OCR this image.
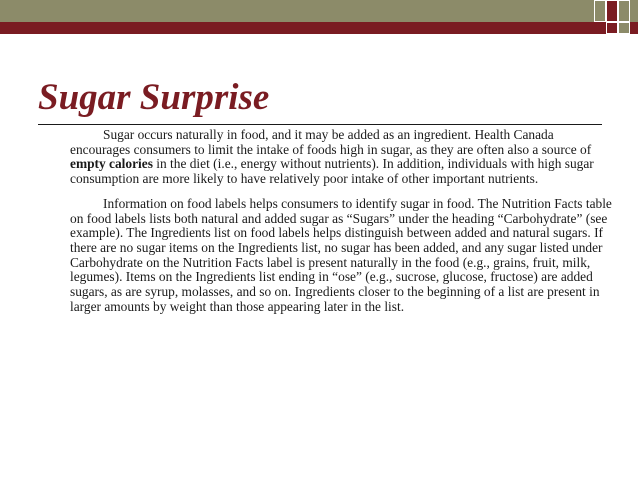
Sugar Surprise

Sugar occurs naturally in food, and it may be added as an ingredient. Health Canada encourages consumers to limit the intake of foods high in sugar, as they are often also a source of empty calories in the diet (i.e., energy without nutrients). In addition, individuals with high sugar consumption are more likely to have relatively poor intake of other important nutrients.

Information on food labels helps consumers to identify sugar in food. The Nutrition Facts table on food labels lists both natural and added sugar as “Sugars” under the heading “Carbohydrate” (see example). The Ingredients list on food labels helps distinguish between added and natural sugars. If there are no sugar items on the Ingredients list, no sugar has been added, and any sugar listed under Carbohydrate on the Nutrition Facts label is present naturally in the food (e.g., grains, fruit, milk, legumes). Items on the Ingredients list ending in “ose” (e.g., sucrose, glucose, fructose) are added sugars, as are syrup, molasses, and so on. Ingredients closer to the beginning of a list are present in larger amounts by weight than those appearing later in the list.
